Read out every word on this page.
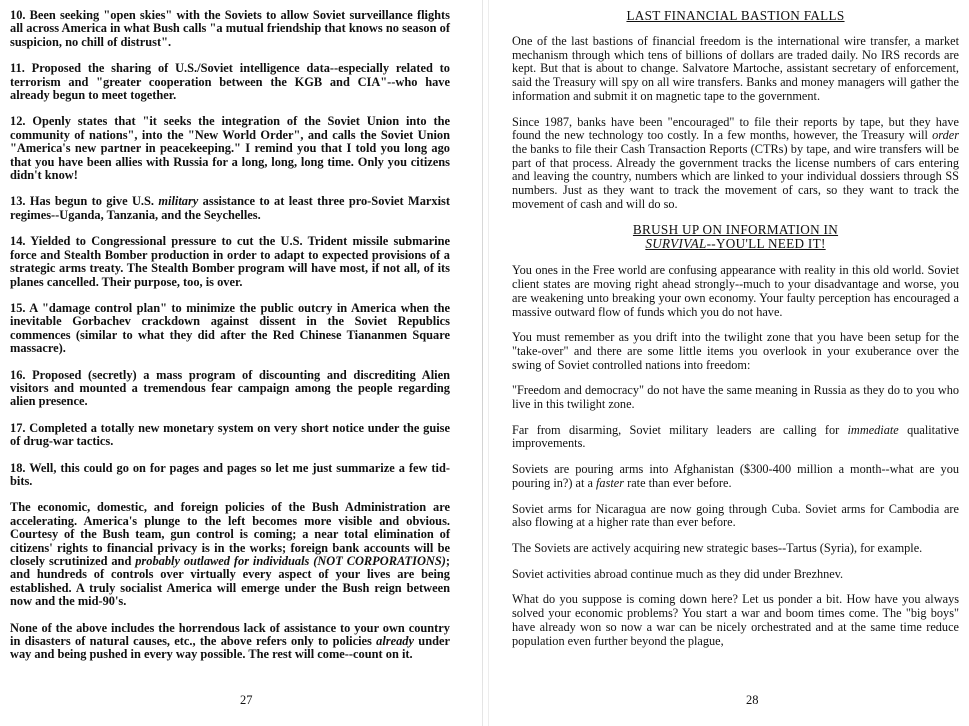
10. Been seeking "open skies" with the Soviets to allow Soviet surveillance flights all across America in what Bush calls "a mutual friendship that knows no season of suspicion, no chill of distrust".

11. Proposed the sharing of U.S./Soviet intelligence data--especially related to terrorism and "greater cooperation between the KGB and CIA"--who have already begun to meet together.

12. Openly states that "it seeks the integration of the Soviet Union into the community of nations", into the "New World Order", and calls the Soviet Union "America's new partner in peacekeeping." I remind you that I told you long ago that you have been allies with Russia for a long, long, long time. Only you citizens didn't know!

13. Has begun to give U.S. military assistance to at least three pro-Soviet Marxist regimes--Uganda, Tanzania, and the Seychelles.

14. Yielded to Congressional pressure to cut the U.S. Trident missile submarine force and Stealth Bomber production in order to adapt to expected provisions of a strategic arms treaty. The Stealth Bomber program will have most, if not all, of its planes cancelled. Their purpose, too, is over.

15. A "damage control plan" to minimize the public outcry in America when the inevitable Gorbachev crackdown against dissent in the Soviet Republics commences (similar to what they did after the Red Chinese Tiananmen Square massacre).

16. Proposed (secretly) a mass program of discounting and discrediting Alien visitors and mounted a tremendous fear campaign among the people regarding alien presence.

17. Completed a totally new monetary system on very short notice under the guise of drug-war tactics.

18. Well, this could go on for pages and pages so let me just summarize a few tid-bits.

The economic, domestic, and foreign policies of the Bush Administration are accelerating. America's plunge to the left becomes more visible and obvious. Courtesy of the Bush team, gun control is coming; a near total elimination of citizens' rights to financial privacy is in the works; foreign bank accounts will be closely scrutinized and probably outlawed for individuals (NOT CORPORATIONS); and hundreds of controls over virtually every aspect of your lives are being established. A truly socialist America will emerge under the Bush reign between now and the mid-90's.

None of the above includes the horrendous lack of assistance to your own country in disasters of natural causes, etc., the above refers only to policies already under way and being pushed in every way possible. The rest will come--count on it.

27
LAST FINANCIAL BASTION FALLS

One of the last bastions of financial freedom is the international wire transfer, a market mechanism through which tens of billions of dollars are traded daily. No IRS records are kept. But that is about to change. Salvatore Martoche, assistant secretary of enforcement, said the Treasury will spy on all wire transfers. Banks and money managers will gather the information and submit it on magnetic tape to the government.

Since 1987, banks have been "encouraged" to file their reports by tape, but they have found the new technology too costly. In a few months, however, the Treasury will order the banks to file their Cash Transaction Reports (CTRs) by tape, and wire transfers will be part of that process. Already the government tracks the license numbers of cars entering and leaving the country, numbers which are linked to your individual dossiers through SS numbers. Just as they want to track the movement of cars, so they want to track the movement of cash and will do so.

BRUSH UP ON INFORMATION IN
SURVIVAL--YOU'LL NEED IT!

You ones in the Free world are confusing appearance with reality in this old world. Soviet client states are moving right ahead strongly--much to your disadvantage and worse, you are weakening unto breaking your own economy. Your faulty perception has encouraged a massive outward flow of funds which you do not have.

You must remember as you drift into the twilight zone that you have been setup for the "take-over" and there are some little items you overlook in your exuberance over the swing of Soviet controlled nations into freedom:

"Freedom and democracy" do not have the same meaning in Russia as they do to you who live in this twilight zone.

Far from disarming, Soviet military leaders are calling for immediate qualitative improvements.

Soviets are pouring arms into Afghanistan ($300-400 million a month--what are you pouring in?) at a faster rate than ever before.

Soviet arms for Nicaragua are now going through Cuba. Soviet arms for Cambodia are also flowing at a higher rate than ever before.

The Soviets are actively acquiring new strategic bases--Tartus (Syria), for example.

Soviet activities abroad continue much as they did under Brezhnev.

What do you suppose is coming down here? Let us ponder a bit. How have you always solved your economic problems? You start a war and boom times come. The "big boys" have already won so now a war can be nicely orchestrated and at the same time reduce population even further beyond the plague,

28
